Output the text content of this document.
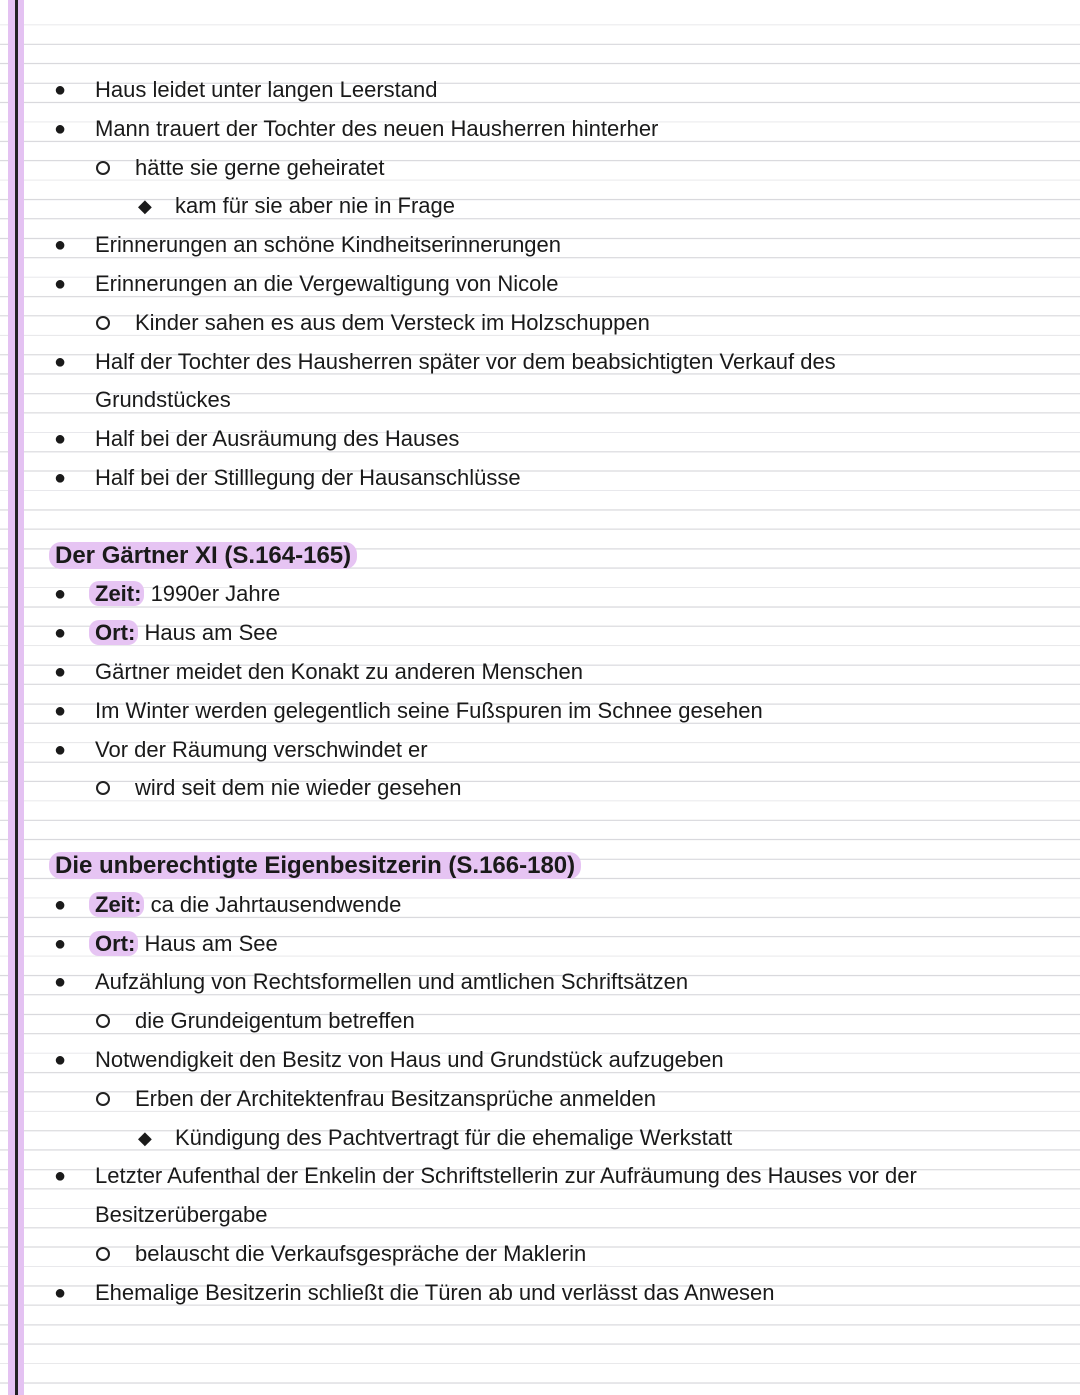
● Haus leidet unter langen Leerstand
● Mann trauert der Tochter des neuen Hausherren hinterher
hätte sie gerne geheiratet
◆ kam für sie aber nie in Frage
● Erinnerungen an schöne Kindheitserinnerungen
● Erinnerungen an die Vergewaltigung von Nicole
Kinder sahen es aus dem Versteck im Holzschuppen
● Half der Tochter des Hausherren später vor dem beabsichtigten Verkauf des
Grundstückes
● Half bei der Ausräumung des Hauses
● Half bei der Stilllegung der Hausanschlüsse
Der Gärtner XI (S.164-165)
● Zeit: 1990er Jahre
● Ort: Haus am See
● Gärtner meidet den Konakt zu anderen Menschen
● Im Winter werden gelegentlich seine Fußspuren im Schnee gesehen
● Vor der Räumung verschwindet er
wird seit dem nie wieder gesehen
Die unberechtigte Eigenbesitzerin (S.166-180)
● Zeit: ca die Jahrtausendwende
● Ort: Haus am See
● Aufzählung von Rechtsformellen und amtlichen Schriftsätzen
die Grundeigentum betreffen
● Notwendigkeit den Besitz von Haus und Grundstück aufzugeben
Erben der Architektenfrau Besitzansprüche anmelden
◆ Kündigung des Pachtvertragt für die ehemalige Werkstatt
● Letzter Aufenthal der Enkelin der Schriftstellerin zur Aufräumung des Hauses vor der
Besitzerübergabe
belauscht die Verkaufsgespräche der Maklerin
● Ehemalige Besitzerin schließt die Türen ab und verlässt das Anwesen
